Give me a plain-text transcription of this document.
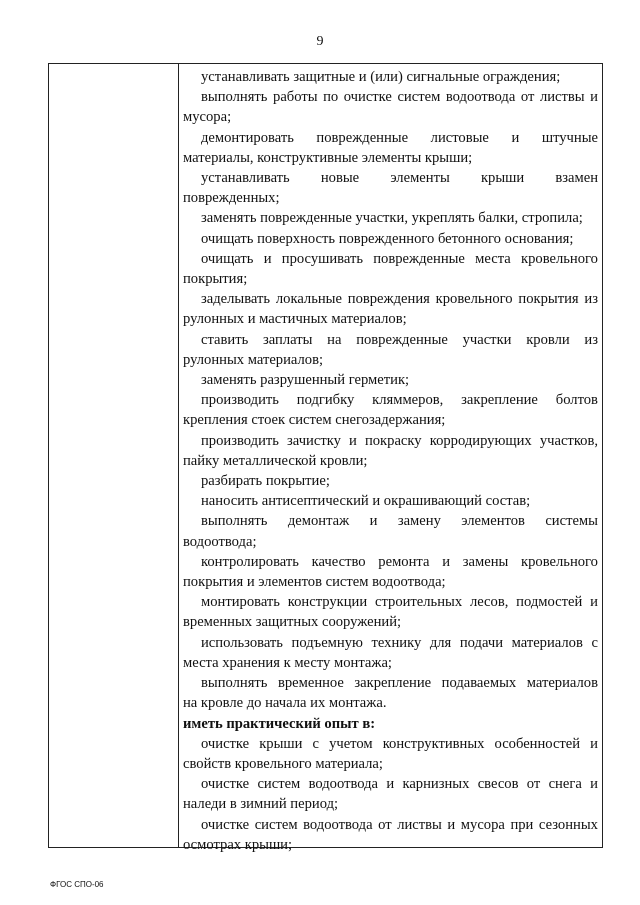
9
устанавливать защитные и (или) сигнальные ограждения;
выполнять работы по очистке систем водоотвода от листвы и
мусора;
демонтировать поврежденные листовые и штучные
материалы, конструктивные элементы крыши;
устанавливать новые элементы крыши взамен
поврежденных;
заменять поврежденные участки, укреплять балки, стропила;
очищать поверхность поврежденного бетонного основания;
очищать и просушивать поврежденные места кровельного
покрытия;
заделывать локальные повреждения кровельного покрытия из
рулонных и мастичных материалов;
ставить заплаты на поврежденные участки кровли из
рулонных материалов;
заменять разрушенный герметик;
производить подгибку кляммеров, закрепление болтов
крепления стоек систем снегозадержания;
производить зачистку и покраску корродирующих участков,
пайку металлической кровли;
разбирать покрытие;
наносить антисептический и окрашивающий состав;
выполнять демонтаж и замену элементов системы
водоотвода;
контролировать качество ремонта и замены кровельного
покрытия и элементов систем водоотвода;
монтировать конструкции строительных лесов, подмостей и
временных защитных сооружений;
использовать подъемную технику для подачи материалов с
места хранения к месту монтажа;
выполнять временное закрепление подаваемых материалов
на кровле до начала их монтажа.
иметь практический опыт в:
очистке крыши с учетом конструктивных особенностей и
свойств кровельного материала;
очистке систем водоотвода и карнизных свесов от снега и
наледи в зимний период;
очистке систем водоотвода от листвы и мусора при сезонных
осмотрах крыши;
ФГОС СПО-06
